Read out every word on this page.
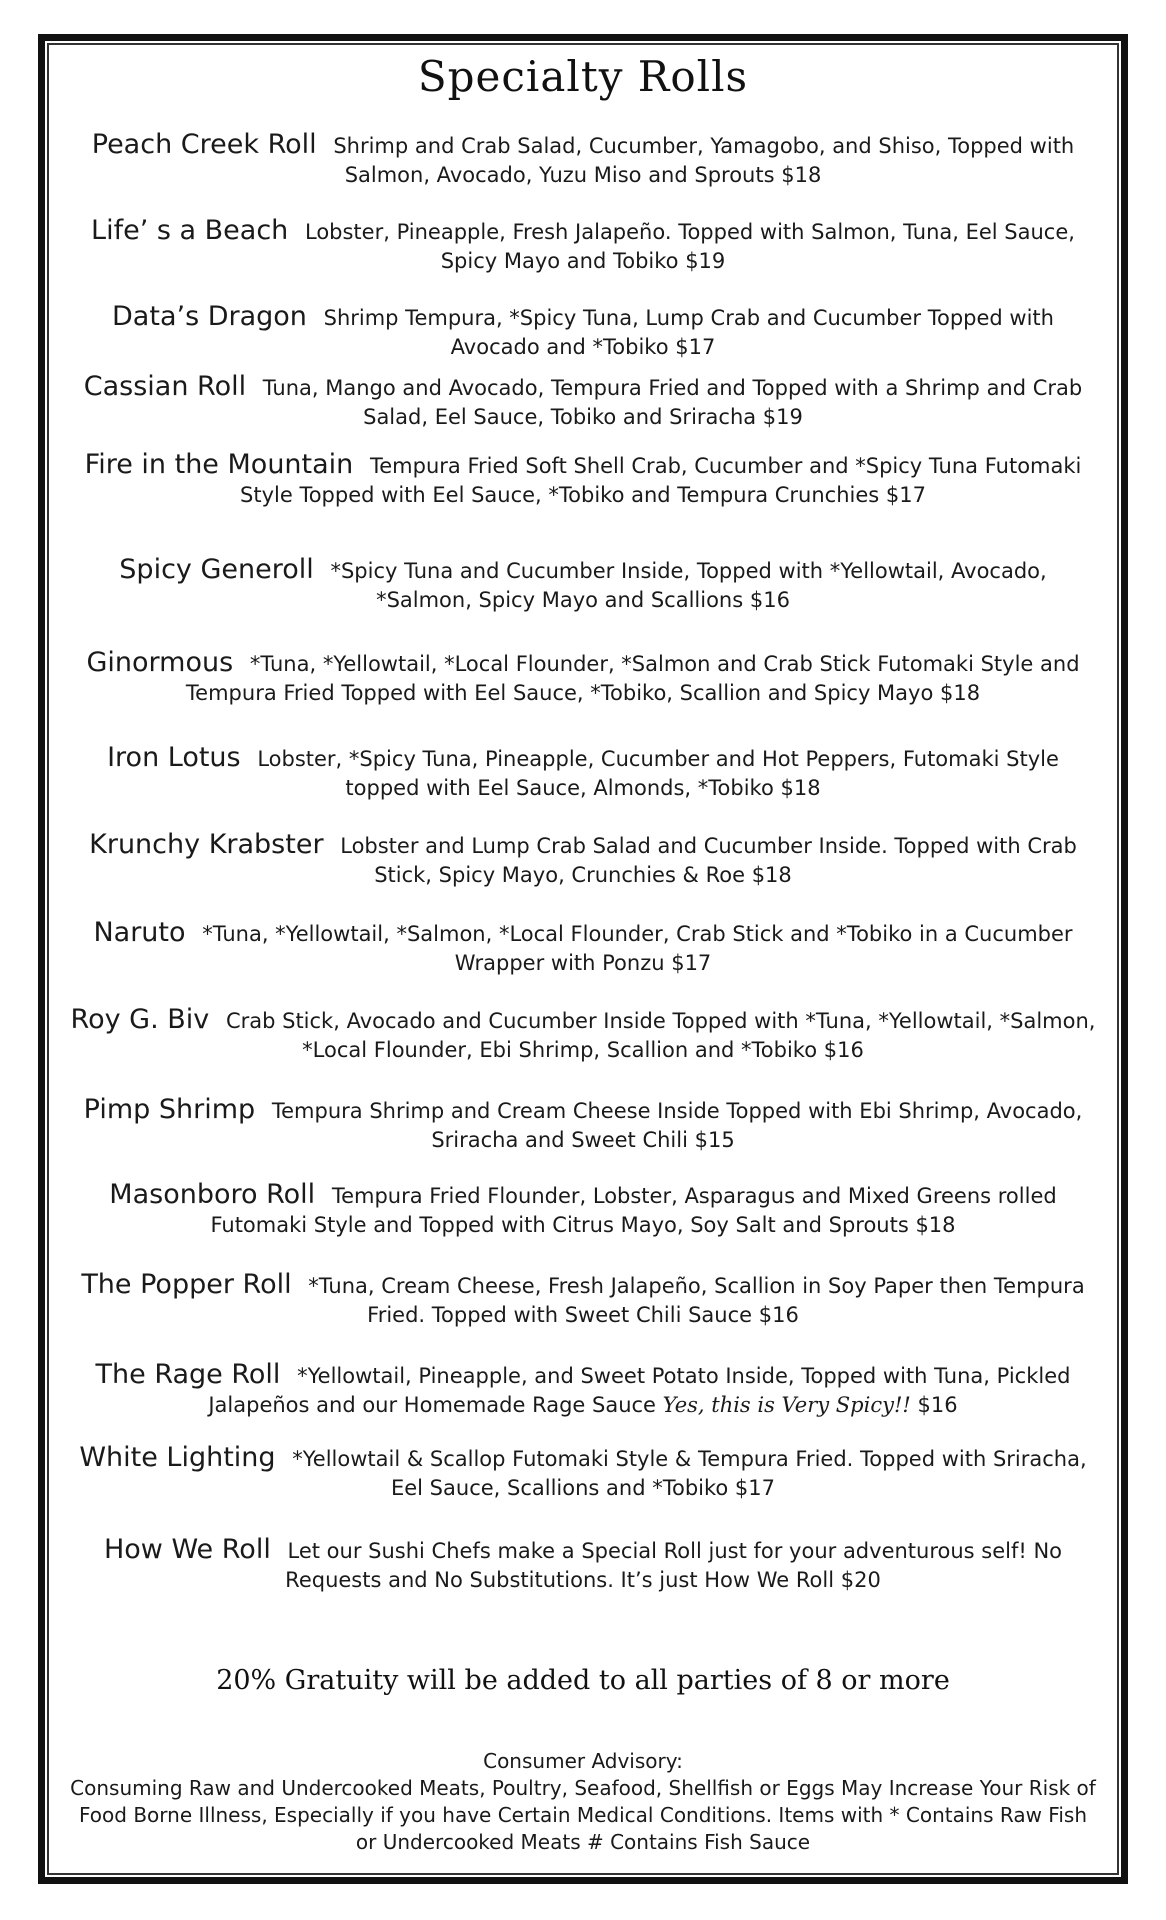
Specialty Rolls

Peach Creek Roll Shrimp and Crab Salad, Cucumber, Yamagobo, and Shiso, Topped with Salmon, Avocado, Yuzu Miso and Sprouts $18

Life’ s a Beach Lobster, Pineapple, Fresh Jalapeño. Topped with Salmon, Tuna, Eel Sauce, Spicy Mayo and Tobiko $19

Data’s Dragon Shrimp Tempura, *Spicy Tuna, Lump Crab and Cucumber Topped with Avocado and *Tobiko $17

Cassian Roll Tuna, Mango and Avocado, Tempura Fried and Topped with a Shrimp and Crab Salad, Eel Sauce, Tobiko and Sriracha $19

Fire in the Mountain Tempura Fried Soft Shell Crab, Cucumber and *Spicy Tuna Futomaki Style Topped with Eel Sauce, *Tobiko and Tempura Crunchies $17

Spicy Generoll *Spicy Tuna and Cucumber Inside, Topped with *Yellowtail, Avocado, *Salmon, Spicy Mayo and Scallions $16

Ginormous *Tuna, *Yellowtail, *Local Flounder, *Salmon and Crab Stick Futomaki Style and Tempura Fried Topped with Eel Sauce, *Tobiko, Scallion and Spicy Mayo $18

Iron Lotus Lobster, *Spicy Tuna, Pineapple, Cucumber and Hot Peppers, Futomaki Style topped with Eel Sauce, Almonds, *Tobiko $18

Krunchy Krabster Lobster and Lump Crab Salad and Cucumber Inside. Topped with Crab Stick, Spicy Mayo, Crunchies & Roe $18

Naruto *Tuna, *Yellowtail, *Salmon, *Local Flounder, Crab Stick and *Tobiko in a Cucumber Wrapper with Ponzu $17

Roy G. Biv Crab Stick, Avocado and Cucumber Inside Topped with *Tuna, *Yellowtail, *Salmon, *Local Flounder, Ebi Shrimp, Scallion and *Tobiko $16

Pimp Shrimp Tempura Shrimp and Cream Cheese Inside Topped with Ebi Shrimp, Avocado, Sriracha and Sweet Chili $15

Masonboro Roll Tempura Fried Flounder, Lobster, Asparagus and Mixed Greens rolled Futomaki Style and Topped with Citrus Mayo, Soy Salt and Sprouts $18

The Popper Roll *Tuna, Cream Cheese, Fresh Jalapeño, Scallion in Soy Paper then Tempura Fried. Topped with Sweet Chili Sauce $16

The Rage Roll *Yellowtail, Pineapple, and Sweet Potato Inside, Topped with Tuna, Pickled Jalapeños and our Homemade Rage Sauce Yes, this is Very Spicy!! $16

White Lighting *Yellowtail & Scallop Futomaki Style & Tempura Fried. Topped with Sriracha, Eel Sauce, Scallions and *Tobiko $17

How We Roll Let our Sushi Chefs make a Special Roll just for your adventurous self! No Requests and No Substitutions. It’s just How We Roll $20

20% Gratuity will be added to all parties of 8 or more

Consumer Advisory:
Consuming Raw and Undercooked Meats, Poultry, Seafood, Shellfish or Eggs May Increase Your Risk of Food Borne Illness, Especially if you have Certain Medical Conditions. Items with * Contains Raw Fish or Undercooked Meats # Contains Fish Sauce
